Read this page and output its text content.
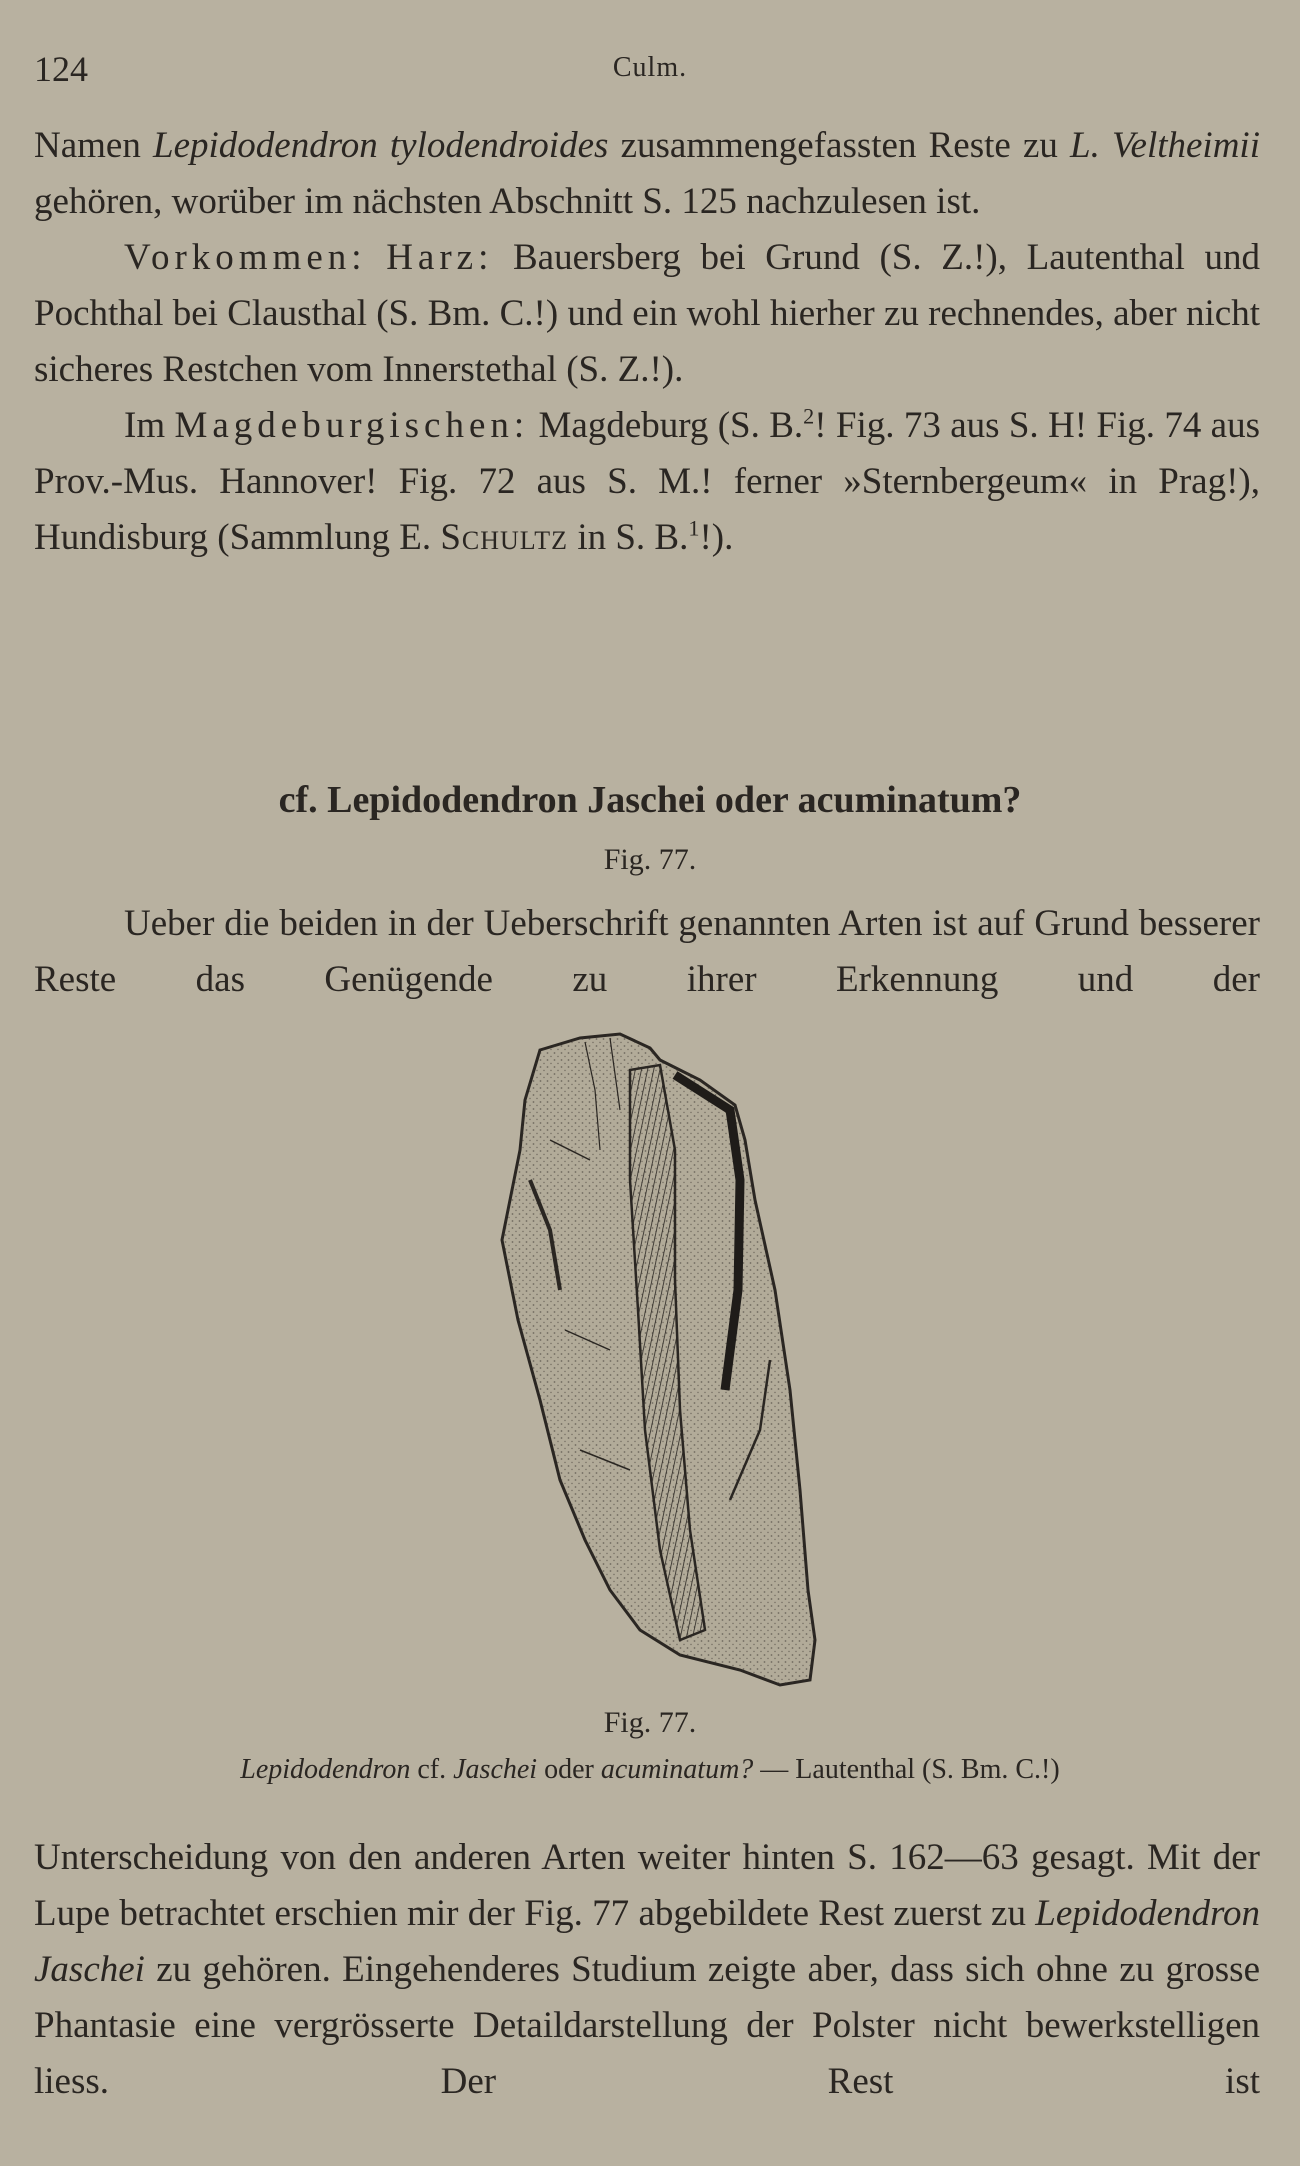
124	Culm.

Namen Lepidodendron tylodendroides zusammengefassten Reste zu L. Veltheimii gehören, worüber im nächsten Abschnitt S. 125 nachzulesen ist.

Vorkommen: Harz: Bauersberg bei Grund (S. Z.!), Lautenthal und Pochthal bei Clausthal (S. Bm. C.!) und ein wohl hierher zu rechnendes, aber nicht sicheres Restchen vom Innerstethal (S. Z.!).

Im Magdeburgischen: Magdeburg (S. B.$^2$! Fig. 73 aus S. H! Fig. 74 aus Prov.-Mus. Hannover! Fig. 72 aus S. M.! ferner »Sternbergeum« in Prag!), Hundisburg (Sammlung E. Schultz in S. B.$^1$!).

cf. Lepidodendron Jaschei oder acuminatum?
Fig. 77.

Ueber die beiden in der Ueberschrift genannten Arten ist auf Grund besserer Reste das Genügende zu ihrer Erkennung und der

Fig. 77.
Lepidodendron cf. Jaschei oder acuminatum? — Lautenthal (S. Bm. C.!)

Unterscheidung von den anderen Arten weiter hinten S. 162—63 gesagt. Mit der Lupe betrachtet erschien mir der Fig. 77 abgebildete Rest zuerst zu Lepidodendron Jaschei zu gehören. Eingehenderes Studium zeigte aber, dass sich ohne zu grosse Phantasie eine vergrösserte Detaildarstellung der Polster nicht bewerkstelligen liess. Der Rest ist
